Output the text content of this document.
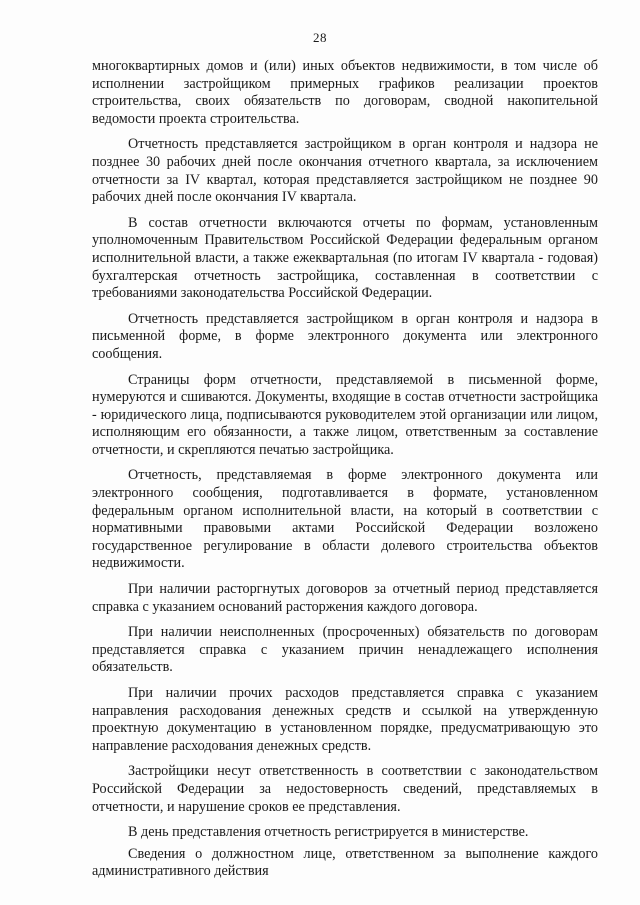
28

многоквартирных домов и (или) иных объектов недвижимости, в том числе об исполнении застройщиком примерных графиков реализации проектов строительства, своих обязательств по договорам, сводной накопительной ведомости проекта строительства.

Отчетность представляется застройщиком в орган контроля и надзора не позднее 30 рабочих дней после окончания отчетного квартала, за исключением отчетности за IV квартал, которая представляется застройщиком не позднее 90 рабочих дней после окончания IV квартала.

В состав отчетности включаются отчеты по формам, установленным уполномоченным Правительством Российской Федерации федеральным органом исполнительной власти, а также ежеквартальная (по итогам IV квартала - годовая) бухгалтерская отчетность застройщика, составленная в соответствии с требованиями законодательства Российской Федерации.

Отчетность представляется застройщиком в орган контроля и надзора в письменной форме, в форме электронного документа или электронного сообщения.

Страницы форм отчетности, представляемой в письменной форме, нумеруются и сшиваются. Документы, входящие в состав отчетности застройщика - юридического лица, подписываются руководителем этой организации или лицом, исполняющим его обязанности, а также лицом, ответственным за составление отчетности, и скрепляются печатью застройщика.

Отчетность, представляемая в форме электронного документа или электронного сообщения, подготавливается в формате, установленном федеральным органом исполнительной власти, на который в соответствии с нормативными правовыми актами Российской Федерации возложено государственное регулирование в области долевого строительства объектов недвижимости.

При наличии расторгнутых договоров за отчетный период представляется справка с указанием оснований расторжения каждого договора.

При наличии неисполненных (просроченных) обязательств по договорам представляется справка с указанием причин ненадлежащего исполнения обязательств.

При наличии прочих расходов представляется справка с указанием направления расходования денежных средств и ссылкой на утвержденную проектную документацию в установленном порядке, предусматривающую это направление расходования денежных средств.

Застройщики несут ответственность в соответствии с законодательством Российской Федерации за недостоверность сведений, представляемых в отчетности, и нарушение сроков ее представления.

В день представления отчетность регистрируется в министерстве.

Сведения о должностном лице, ответственном за выполнение каждого административного действия
